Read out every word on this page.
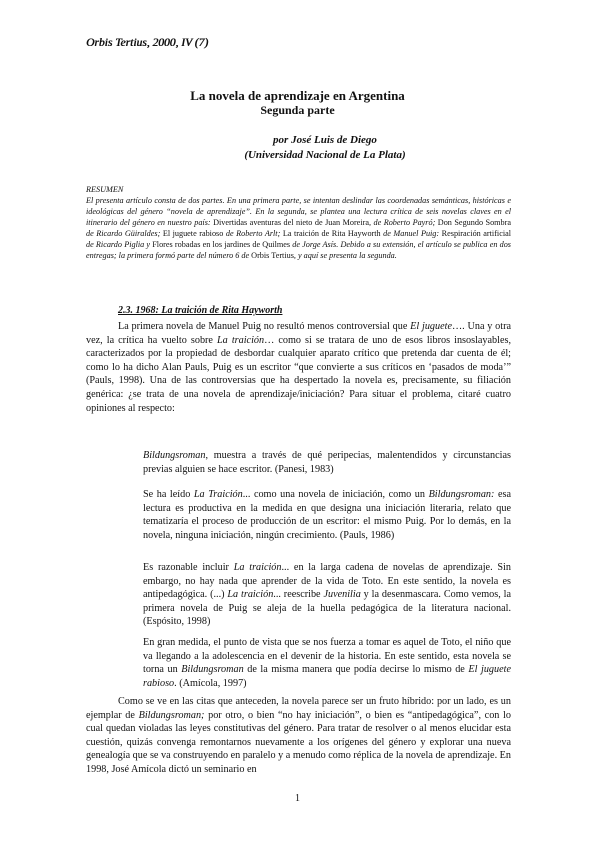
Orbis Tertius, 2000, IV (7)
La novela de aprendizaje en Argentina
Segunda parte
por José Luis de Diego
(Universidad Nacional de La Plata)
RESUMEN
El presenta artículo consta de dos partes. En una primera parte, se intentan deslindar las coordenadas semánticas, históricas e ideológicas del género “novela de aprendizaje”. En la segunda, se plantea una lectura crítica de seis novelas claves en el itinerario del género en nuestro país: Divertidas aventuras del nieto de Juan Moreira, de Roberto Payró; Don Segundo Sombra de Ricardo Güiraldes; El juguete rabioso de Roberto Arlt; La traición de Rita Hayworth de Manuel Puig: Respiración artificial de Ricardo Piglia y Flores robadas en los jardines de Quilmes de Jorge Asís. Debido a su extensión, el artículo se publica en dos entregas; la primera formó parte del número 6 de Orbis Tertius, y aquí se presenta la segunda.
2.3. 1968: La traición de Rita Hayworth
La primera novela de Manuel Puig no resultó menos controversial que El juguete…. Una y otra vez, la crítica ha vuelto sobre La traición… como si se tratara de uno de esos libros insoslayables, caracterizados por la propiedad de desbordar cualquier aparato crítico que pretenda dar cuenta de él; como lo ha dicho Alan Pauls, Puig es un escritor “que convierte a sus críticos en ‘pasados de moda’” (Pauls, 1998). Una de las controversias que ha despertado la novela es, precisamente, su filiación genérica: ¿se trata de una novela de aprendizaje/iniciación? Para situar el problema, citaré cuatro opiniones al respecto:
Bildungsroman, muestra a través de qué peripecias, malentendidos y circunstancias previas alguien se hace escritor. (Panesi, 1983)
Se ha leído La Traición... como una novela de iniciación, como un Bildungsroman: esa lectura es productiva en la medida en que designa una iniciación literaria, relato que tematizaría el proceso de producción de un escritor: el mismo Puig. Por lo demás, en la novela, ninguna iniciación, ningún crecimiento. (Pauls, 1986)
Es razonable incluir La traición... en la larga cadena de novelas de aprendizaje. Sin embargo, no hay nada que aprender de la vida de Toto. En este sentido, la novela es antipedagógica. (...) La traición... reescribe Juvenilia y la desenmascara. Como vemos, la primera novela de Puig se aleja de la huella pedagógica de la literatura nacional. (Espósito, 1998)
En gran medida, el punto de vista que se nos fuerza a tomar es aquel de Toto, el niño que va llegando a la adolescencia en el devenir de la historia. En este sentido, esta novela se torna un Bildungsroman de la misma manera que podía decirse lo mismo de El juguete rabioso. (Amícola, 1997)
Como se ve en las citas que anteceden, la novela parece ser un fruto híbrido: por un lado, es un ejemplar de Bildungsroman; por otro, o bien “no hay iniciación”, o bien es “antipedagógica”, con lo cual quedan violadas las leyes constitutivas del género. Para tratar de resolver o al menos elucidar esta cuestión, quizás convenga remontarnos nuevamente a los orígenes del género y explorar una nueva genealogía que se va construyendo en paralelo y a menudo como réplica de la novela de aprendizaje. En 1998, José Amícola dictó un seminario en
1
